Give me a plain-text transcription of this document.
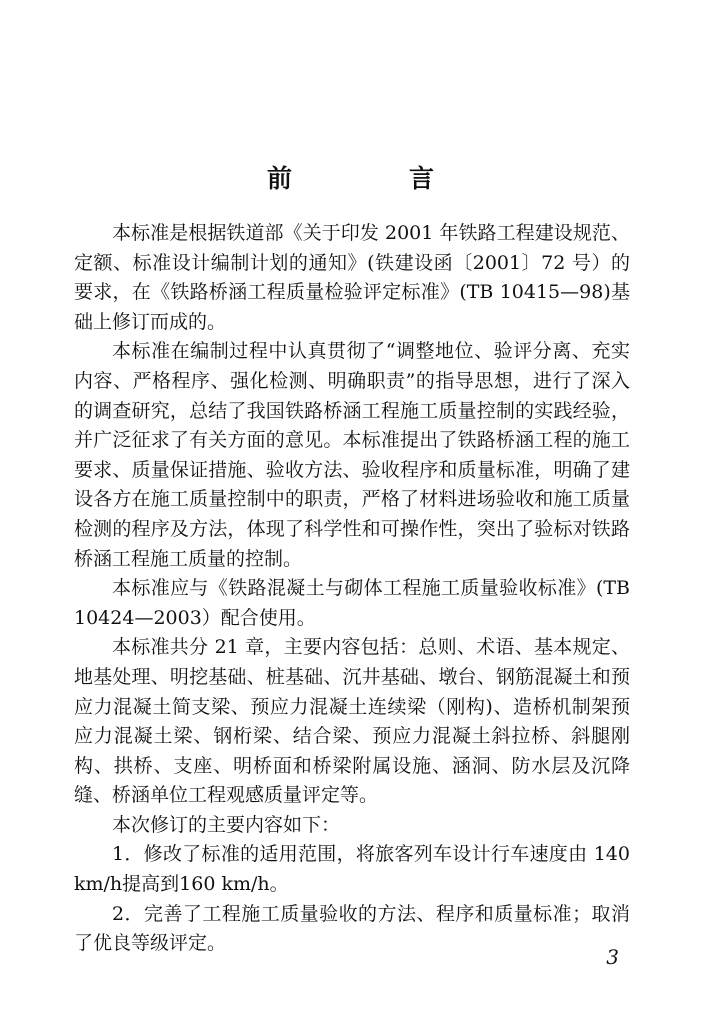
前　言

本标准是根据铁道部《关于印发 2001 年铁路工程建设规范、定额、标准设计编制计划的通知》(铁建设函〔2001〕72 号）的要求，在《铁路桥涵工程质量检验评定标准》(TB 10415—98)基础上修订而成的。

本标准在编制过程中认真贯彻了“调整地位、验评分离、充实内容、严格程序、强化检测、明确职责”的指导思想，进行了深入的调查研究，总结了我国铁路桥涵工程施工质量控制的实践经验，并广泛征求了有关方面的意见。本标准提出了铁路桥涵工程的施工要求、质量保证措施、验收方法、验收程序和质量标准，明确了建设各方在施工质量控制中的职责，严格了材料进场验收和施工质量检测的程序及方法，体现了科学性和可操作性，突出了验标对铁路桥涵工程施工质量的控制。

本标准应与《铁路混凝土与砌体工程施工质量验收标准》(TB 10424—2003）配合使用。

本标准共分 21 章，主要内容包括：总则、术语、基本规定、地基处理、明挖基础、桩基础、沉井基础、墩台、钢筋混凝土和预应力混凝土简支梁、预应力混凝土连续梁（刚构)、造桥机制架预应力混凝土梁、钢桁梁、结合梁、预应力混凝土斜拉桥、斜腿刚构、拱桥、支座、明桥面和桥梁附属设施、涵洞、防水层及沉降缝、桥涵单位工程观感质量评定等。

本次修订的主要内容如下：

1．修改了标准的适用范围，将旅客列车设计行车速度由 140 km/h提高到160 km/h。

2．完善了工程施工质量验收的方法、程序和质量标准；取消了优良等级评定。

3
